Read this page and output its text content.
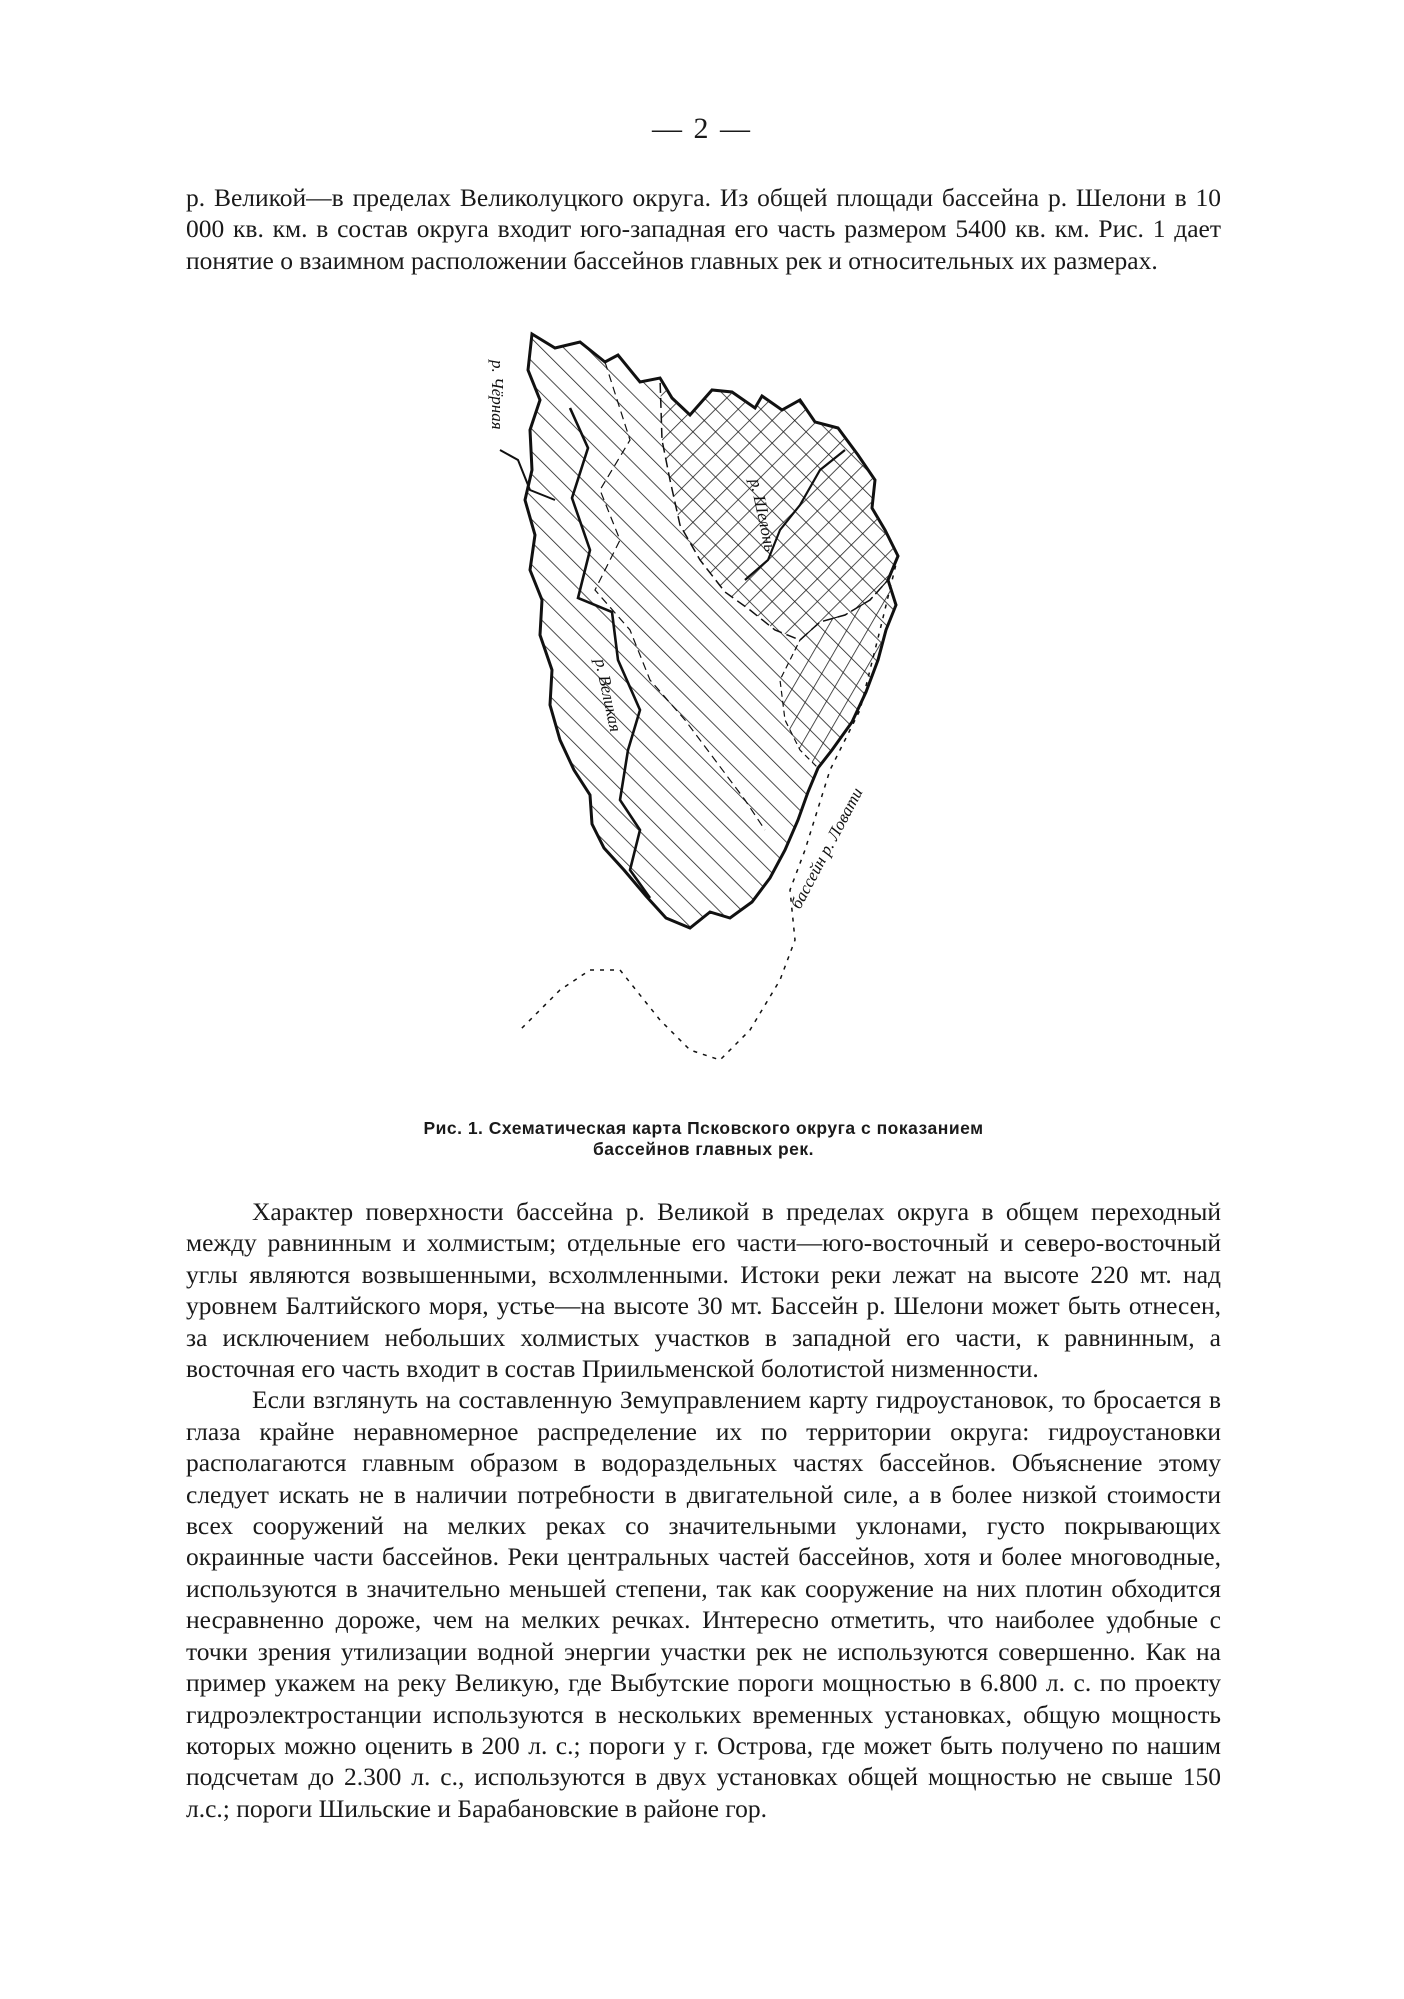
— 2 —

р. Великой—в пределах Великолуцкого округа. Из общей площади бассейна р. Шелони в 10 000 кв. км. в состав округа входит юго-западная его часть размером 5400 кв. км. Рис. 1 дает понятие о взаимном расположении бассейнов главных рек и относительных их размерах.

р. Чёрная
р. Великая
р. Шелонь
бассейн р. Ловати
Рис. 1. Схематическая карта Псковского округа с показанием
бассейнов главных рек.

Характер поверхности бассейна р. Великой в пределах округа в общем переходный между равнинным и холмистым; отдельные его части—юго-восточный и северо-восточный углы являются возвышенными, всхолмленными. Истоки реки лежат на высоте 220 мт. над уровнем Балтийского моря, устье—на высоте 30 мт. Бассейн р. Шелони может быть отнесен, за исключением небольших холмистых участков в западной его части, к равнинным, а восточная его часть входит в состав Приильменской болотистой низменности.

Если взглянуть на составленную Земуправлением карту гидроустановок, то бросается в глаза крайне неравномерное распределение их по территории округа: гидроустановки располагаются главным образом в водораздельных частях бассейнов. Объяснение этому следует искать не в наличии потребности в двигательной силе, а в более низкой стоимости всех сооружений на мелких реках со значительными уклонами, густо покрывающих окраинные части бассейнов. Реки центральных частей бассейнов, хотя и более многоводные, используются в значительно меньшей степени, так как сооружение на них плотин обходится несравненно дороже, чем на мелких речках. Интересно отметить, что наиболее удобные с точки зрения утилизации водной энергии участки рек не используются совершенно. Как на пример укажем на реку Великую, где Выбутские пороги мощностью в 6.800 л. с. по проекту гидроэлектростанции используются в нескольких временных установках, общую мощность которых можно оценить в 200 л. с.; пороги у г. Острова, где может быть получено по нашим подсчетам до 2.300 л. с., используются в двух установках общей мощностью не свыше 150 л.с.; пороги Шильские и Барабановские в районе гор.
